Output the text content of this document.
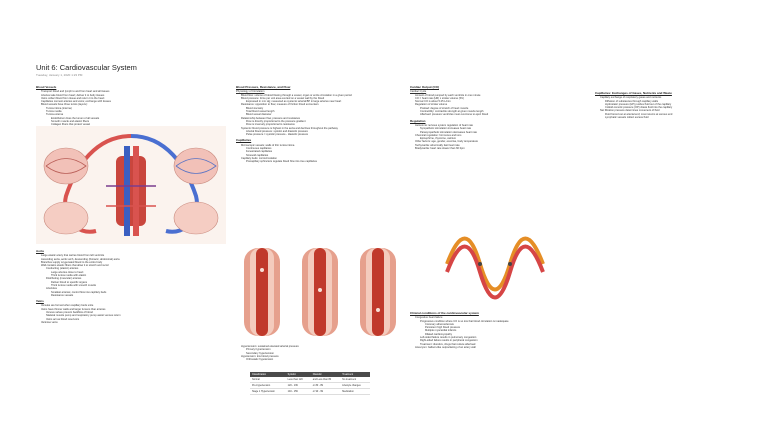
Unit 6: Cardiovascular System
Tuesday, January 1, 2020 1:23 PM
Blood Vessels
Transport blood and lymph to and from heart and all tissues
Arteries take blood from heart; deliver it to body tissues
Veins collect blood from tissue and return it to the heart
Capillaries connect arteries and veins; exchange with tissues
Blood vessels have three tunics (layers):
Tunica intima (interna)
Tunica media
Tunica externa
Endothelium lines the lumen of all vessels
Smooth muscle and elastic fibers
Collagen fibers that protect vessel
Aorta
Large elastic artery that carries blood from left ventricle
Ascending aorta, aortic arch, descending (thoracic, abdominal) aorta
Branches supply oxygenated blood to the entire body
Wall contains elastic fibers that allow it to stretch and recoil
Conducting (elastic) arteries
Large arteries close to heart
Thick tunica media with elastin
Distributing (muscular) arteries
Deliver blood to specific organs
Thick tunica media with smooth muscle
Arterioles
Smallest arteries; control flow into capillary beds
Resistance vessels
Veins
Venules are formed when capillary beds unite
Veins have thinner walls and larger lumens than arteries
Venous valves prevent backflow of blood
Skeletal muscle pump and respiratory pump assist venous return
Veins act as blood reservoirs
Varicose veins
Blood Pressure, Resistance, and Flow
Physiology of Circulation
Blood flow: volume of blood flowing through a vessel, organ or entire circulation in a given period
Blood pressure: force per unit area exerted on a vessel wall by the blood
Expressed in mm Hg; measured as systemic arterial BP in large arteries near heart
Resistance: opposition to flow; measure of friction blood encounters
Blood viscosity
Total blood vessel length
Blood vessel diameter
Relationship between flow, pressure and resistance
Flow is directly proportional to the pressure gradient
Flow is inversely proportional to resistance
Systemic blood pressure is highest in the aorta and declines throughout the pathway
Arterial blood pressure: systolic and diastolic pressure
Pulse pressure = systolic pressure - diastolic pressure
Capillaries
Microscopic vessels; walls of thin tunica intima
Continuous capillaries
Fenestrated capillaries
Sinusoid capillaries
Capillary beds: microcirculation
Precapillary sphincters regulate blood flow into true capillaries
Hypertension: sustained elevated arterial pressure
Primary hypertension
Secondary hypertension
Hypotension: low blood pressure
Orthostatic hypotension
Classification	Systolic	Diastolic	Treatment
Normal	Less than 120	and Less than 80	No treatment
Pre-hypertension	120 - 139	or 80 - 89	Lifestyle changes
Stage 1 Hypertension	140 - 159	or 90 - 99	Medication
Cardiac Output (CO)
Cardiac Cycle
Amount of blood pumped by each ventricle in one minute
CO = heart rate (HR) x stroke volume (SV)
Normal CO is about 5.25 L/min
Regulation of stroke volume
Preload: degree of stretch of heart muscle
Contractility: contractile strength at given muscle length
Afterload: pressure ventricles must overcome to eject blood
Regulation
Autonomic nervous system regulation of heart rate
Sympathetic stimulation increases heart rate
Parasympathetic stimulation decreases heart rate
Chemical regulation: hormones and ions
Epinephrine, thyroxine, calcium
Other factors: age, gender, exercise, body temperature
Tachycardia: abnormally fast heart rate
Bradycardia: heart rate slower than 60 bpm
Clinical conditions of the cardiovascular system
Congestive heart failure
Progressive condition where CO is so low that blood circulation is inadequate
Coronary atherosclerosis
Persistent high blood pressure
Multiple myocardial infarcts
Dilated cardiomyopathy
Left-sided failure results in pulmonary congestion
Right-sided failure results in peripheral congestion
Treatment: diuretics, drugs that reduce afterload
Aneurysm: balloon-like outpocketing of an artery wall
Capillaries: Exchanges of Gases, Nutrients and Waste
Capillary exchange of respiratory gases and nutrients
Diffusion of substances through capillary walls
Hydrostatic pressure (HP) pushes fluid out of the capillary
Colloid osmotic pressure (OP) draws fluid into the capillary
Net filtration pressure determines movement of fluid
Fluid forced out at arterial end; most returns at venous end
Lymphatic vessels collect excess fluid
